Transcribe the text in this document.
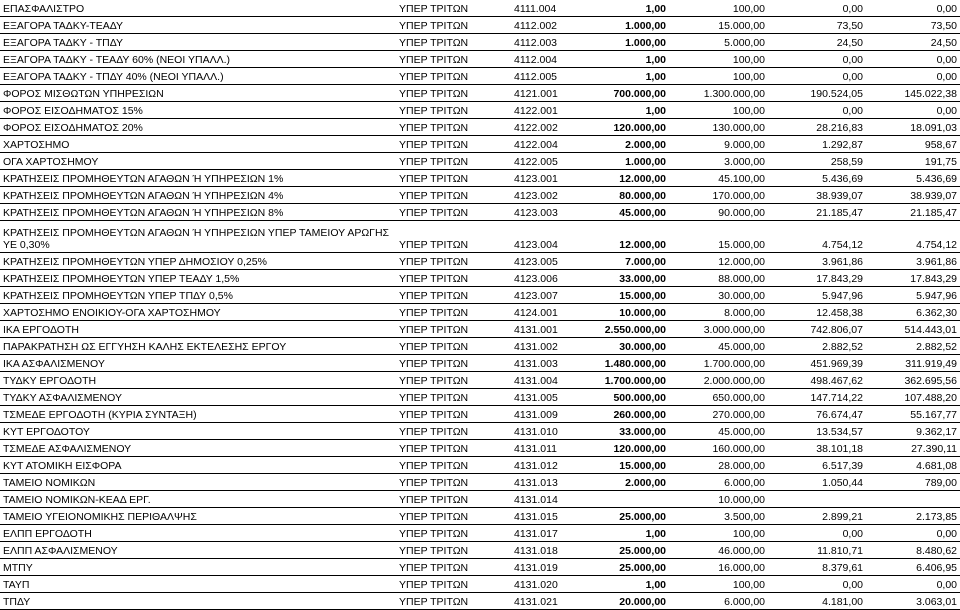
ΕΠΑΣΦΑΛΙΣΤΡΟ	ΥΠΕΡ ΤΡΙΤΩΝ	4111.004	1,00	100,00	0,00	0,00
ΕΞΑΓΟΡΑ ΤΑΔΚΥ-ΤΕΑΔΥ	ΥΠΕΡ ΤΡΙΤΩΝ	4112.002	1.000,00	15.000,00	73,50	73,50
ΕΞΑΓΟΡΑ ΤΑΔΚΥ - ΤΠΔΥ	ΥΠΕΡ ΤΡΙΤΩΝ	4112.003	1.000,00	5.000,00	24,50	24,50
ΕΞΑΓΟΡΑ ΤΑΔΚΥ - ΤΕΑΔΥ 60% (ΝΕΟΙ ΥΠΑΛΛ.)	ΥΠΕΡ ΤΡΙΤΩΝ	4112.004	1,00	100,00	0,00	0,00
ΕΞΑΓΟΡΑ ΤΑΔΚΥ - ΤΠΔΥ 40% (ΝΕΟΙ ΥΠΑΛΛ.)	ΥΠΕΡ ΤΡΙΤΩΝ	4112.005	1,00	100,00	0,00	0,00
ΦΟΡΟΣ ΜΙΣΘΩΤΩΝ ΥΠΗΡΕΣΙΩΝ	ΥΠΕΡ ΤΡΙΤΩΝ	4121.001	700.000,00	1.300.000,00	190.524,05	145.022,38
ΦΟΡΟΣ ΕΙΣΟΔΗΜΑΤΟΣ 15%	ΥΠΕΡ ΤΡΙΤΩΝ	4122.001	1,00	100,00	0,00	0,00
ΦΟΡΟΣ ΕΙΣΟΔΗΜΑΤΟΣ 20%	ΥΠΕΡ ΤΡΙΤΩΝ	4122.002	120.000,00	130.000,00	28.216,83	18.091,03
ΧΑΡΤΟΣΗΜΟ	ΥΠΕΡ ΤΡΙΤΩΝ	4122.004	2.000,00	9.000,00	1.292,87	958,67
ΟΓΑ ΧΑΡΤΟΣΗΜΟΥ	ΥΠΕΡ ΤΡΙΤΩΝ	4122.005	1.000,00	3.000,00	258,59	191,75
ΚΡΑΤΗΣΕΙΣ ΠΡΟΜΗΘΕΥΤΩΝ ΑΓΑΘΩΝ Ή ΥΠΗΡΕΣΙΩΝ 1%	ΥΠΕΡ ΤΡΙΤΩΝ	4123.001	12.000,00	45.100,00	5.436,69	5.436,69
ΚΡΑΤΗΣΕΙΣ ΠΡΟΜΗΘΕΥΤΩΝ ΑΓΑΘΩΝ Ή ΥΠΗΡΕΣΙΩΝ 4%	ΥΠΕΡ ΤΡΙΤΩΝ	4123.002	80.000,00	170.000,00	38.939,07	38.939,07
ΚΡΑΤΗΣΕΙΣ ΠΡΟΜΗΘΕΥΤΩΝ ΑΓΑΘΩΝ Ή ΥΠΗΡΕΣΙΩΝ 8%	ΥΠΕΡ ΤΡΙΤΩΝ	4123.003	45.000,00	90.000,00	21.185,47	21.185,47
ΚΡΑΤΗΣΕΙΣ ΠΡΟΜΗΘΕΥΤΩΝ ΑΓΑΘΩΝ Ή ΥΠΗΡΕΣΙΩΝ ΥΠΕΡ ΤΑΜΕΙΟΥ ΑΡΩΓΗΣ ΥΕ 0,30%	ΥΠΕΡ ΤΡΙΤΩΝ	4123.004	12.000,00	15.000,00	4.754,12	4.754,12
ΚΡΑΤΗΣΕΙΣ ΠΡΟΜΗΘΕΥΤΩΝ ΥΠΕΡ ΔΗΜΟΣΙΟΥ 0,25%	ΥΠΕΡ ΤΡΙΤΩΝ	4123.005	7.000,00	12.000,00	3.961,86	3.961,86
ΚΡΑΤΗΣΕΙΣ ΠΡΟΜΗΘΕΥΤΩΝ ΥΠΕΡ ΤΕΑΔΥ 1,5%	ΥΠΕΡ ΤΡΙΤΩΝ	4123.006	33.000,00	88.000,00	17.843,29	17.843,29
ΚΡΑΤΗΣΕΙΣ ΠΡΟΜΗΘΕΥΤΩΝ ΥΠΕΡ ΤΠΔΥ 0,5%	ΥΠΕΡ ΤΡΙΤΩΝ	4123.007	15.000,00	30.000,00	5.947,96	5.947,96
ΧΑΡΤΟΣΗΜΟ ΕΝΟΙΚΙΟΥ-ΟΓΑ ΧΑΡΤΟΣΗΜΟΥ	ΥΠΕΡ ΤΡΙΤΩΝ	4124.001	10.000,00	8.000,00	12.458,38	6.362,30
ΙΚΑ ΕΡΓΟΔΟΤΗ	ΥΠΕΡ ΤΡΙΤΩΝ	4131.001	2.550.000,00	3.000.000,00	742.806,07	514.443,01
ΠΑΡΑΚΡΑΤΗΣΗ ΩΣ ΕΓΓΥΗΣΗ ΚΑΛΗΣ ΕΚΤΕΛΕΣΗΣ ΕΡΓΟΥ	ΥΠΕΡ ΤΡΙΤΩΝ	4131.002	30.000,00	45.000,00	2.882,52	2.882,52
ΙΚΑ ΑΣΦΑΛΙΣΜΕΝΟΥ	ΥΠΕΡ ΤΡΙΤΩΝ	4131.003	1.480.000,00	1.700.000,00	451.969,39	311.919,49
ΤΥΔΚΥ ΕΡΓΟΔΟΤΗ	ΥΠΕΡ ΤΡΙΤΩΝ	4131.004	1.700.000,00	2.000.000,00	498.467,62	362.695,56
ΤΥΔΚΥ ΑΣΦΑΛΙΣΜΕΝΟΥ	ΥΠΕΡ ΤΡΙΤΩΝ	4131.005	500.000,00	650.000,00	147.714,22	107.488,20
ΤΣΜΕΔΕ ΕΡΓΟΔΟΤΗ (ΚΥΡΙΑ ΣΥΝΤΑΞΗ)	ΥΠΕΡ ΤΡΙΤΩΝ	4131.009	260.000,00	270.000,00	76.674,47	55.167,77
ΚΥΤ ΕΡΓΟΔΟΤΟΥ	ΥΠΕΡ ΤΡΙΤΩΝ	4131.010	33.000,00	45.000,00	13.534,57	9.362,17
ΤΣΜΕΔΕ ΑΣΦΑΛΙΣΜΕΝΟΥ	ΥΠΕΡ ΤΡΙΤΩΝ	4131.011	120.000,00	160.000,00	38.101,18	27.390,11
ΚΥΤ ΑΤΟΜΙΚΗ ΕΙΣΦΟΡΑ	ΥΠΕΡ ΤΡΙΤΩΝ	4131.012	15.000,00	28.000,00	6.517,39	4.681,08
ΤΑΜΕΙΟ ΝΟΜΙΚΩΝ	ΥΠΕΡ ΤΡΙΤΩΝ	4131.013	2.000,00	6.000,00	1.050,44	789,00
ΤΑΜΕΙΟ ΝΟΜΙΚΩΝ-ΚΕΑΔ ΕΡΓ.	ΥΠΕΡ ΤΡΙΤΩΝ	4131.014		10.000,00		
ΤΑΜΕΙΟ ΥΓΕΙΟΝΟΜΙΚΗΣ ΠΕΡΙΘΑΛΨΗΣ	ΥΠΕΡ ΤΡΙΤΩΝ	4131.015	25.000,00	3.500,00	2.899,21	2.173,85
ΕΛΠΠ ΕΡΓΟΔΟΤΗ	ΥΠΕΡ ΤΡΙΤΩΝ	4131.017	1,00	100,00	0,00	0,00
ΕΛΠΠ ΑΣΦΑΛΙΣΜΕΝΟΥ	ΥΠΕΡ ΤΡΙΤΩΝ	4131.018	25.000,00	46.000,00	11.810,71	8.480,62
ΜΤΠΥ	ΥΠΕΡ ΤΡΙΤΩΝ	4131.019	25.000,00	16.000,00	8.379,61	6.406,95
ΤΑΥΠ	ΥΠΕΡ ΤΡΙΤΩΝ	4131.020	1,00	100,00	0,00	0,00
ΤΠΔΥ	ΥΠΕΡ ΤΡΙΤΩΝ	4131.021	20.000,00	6.000,00	4.181,00	3.063,01
